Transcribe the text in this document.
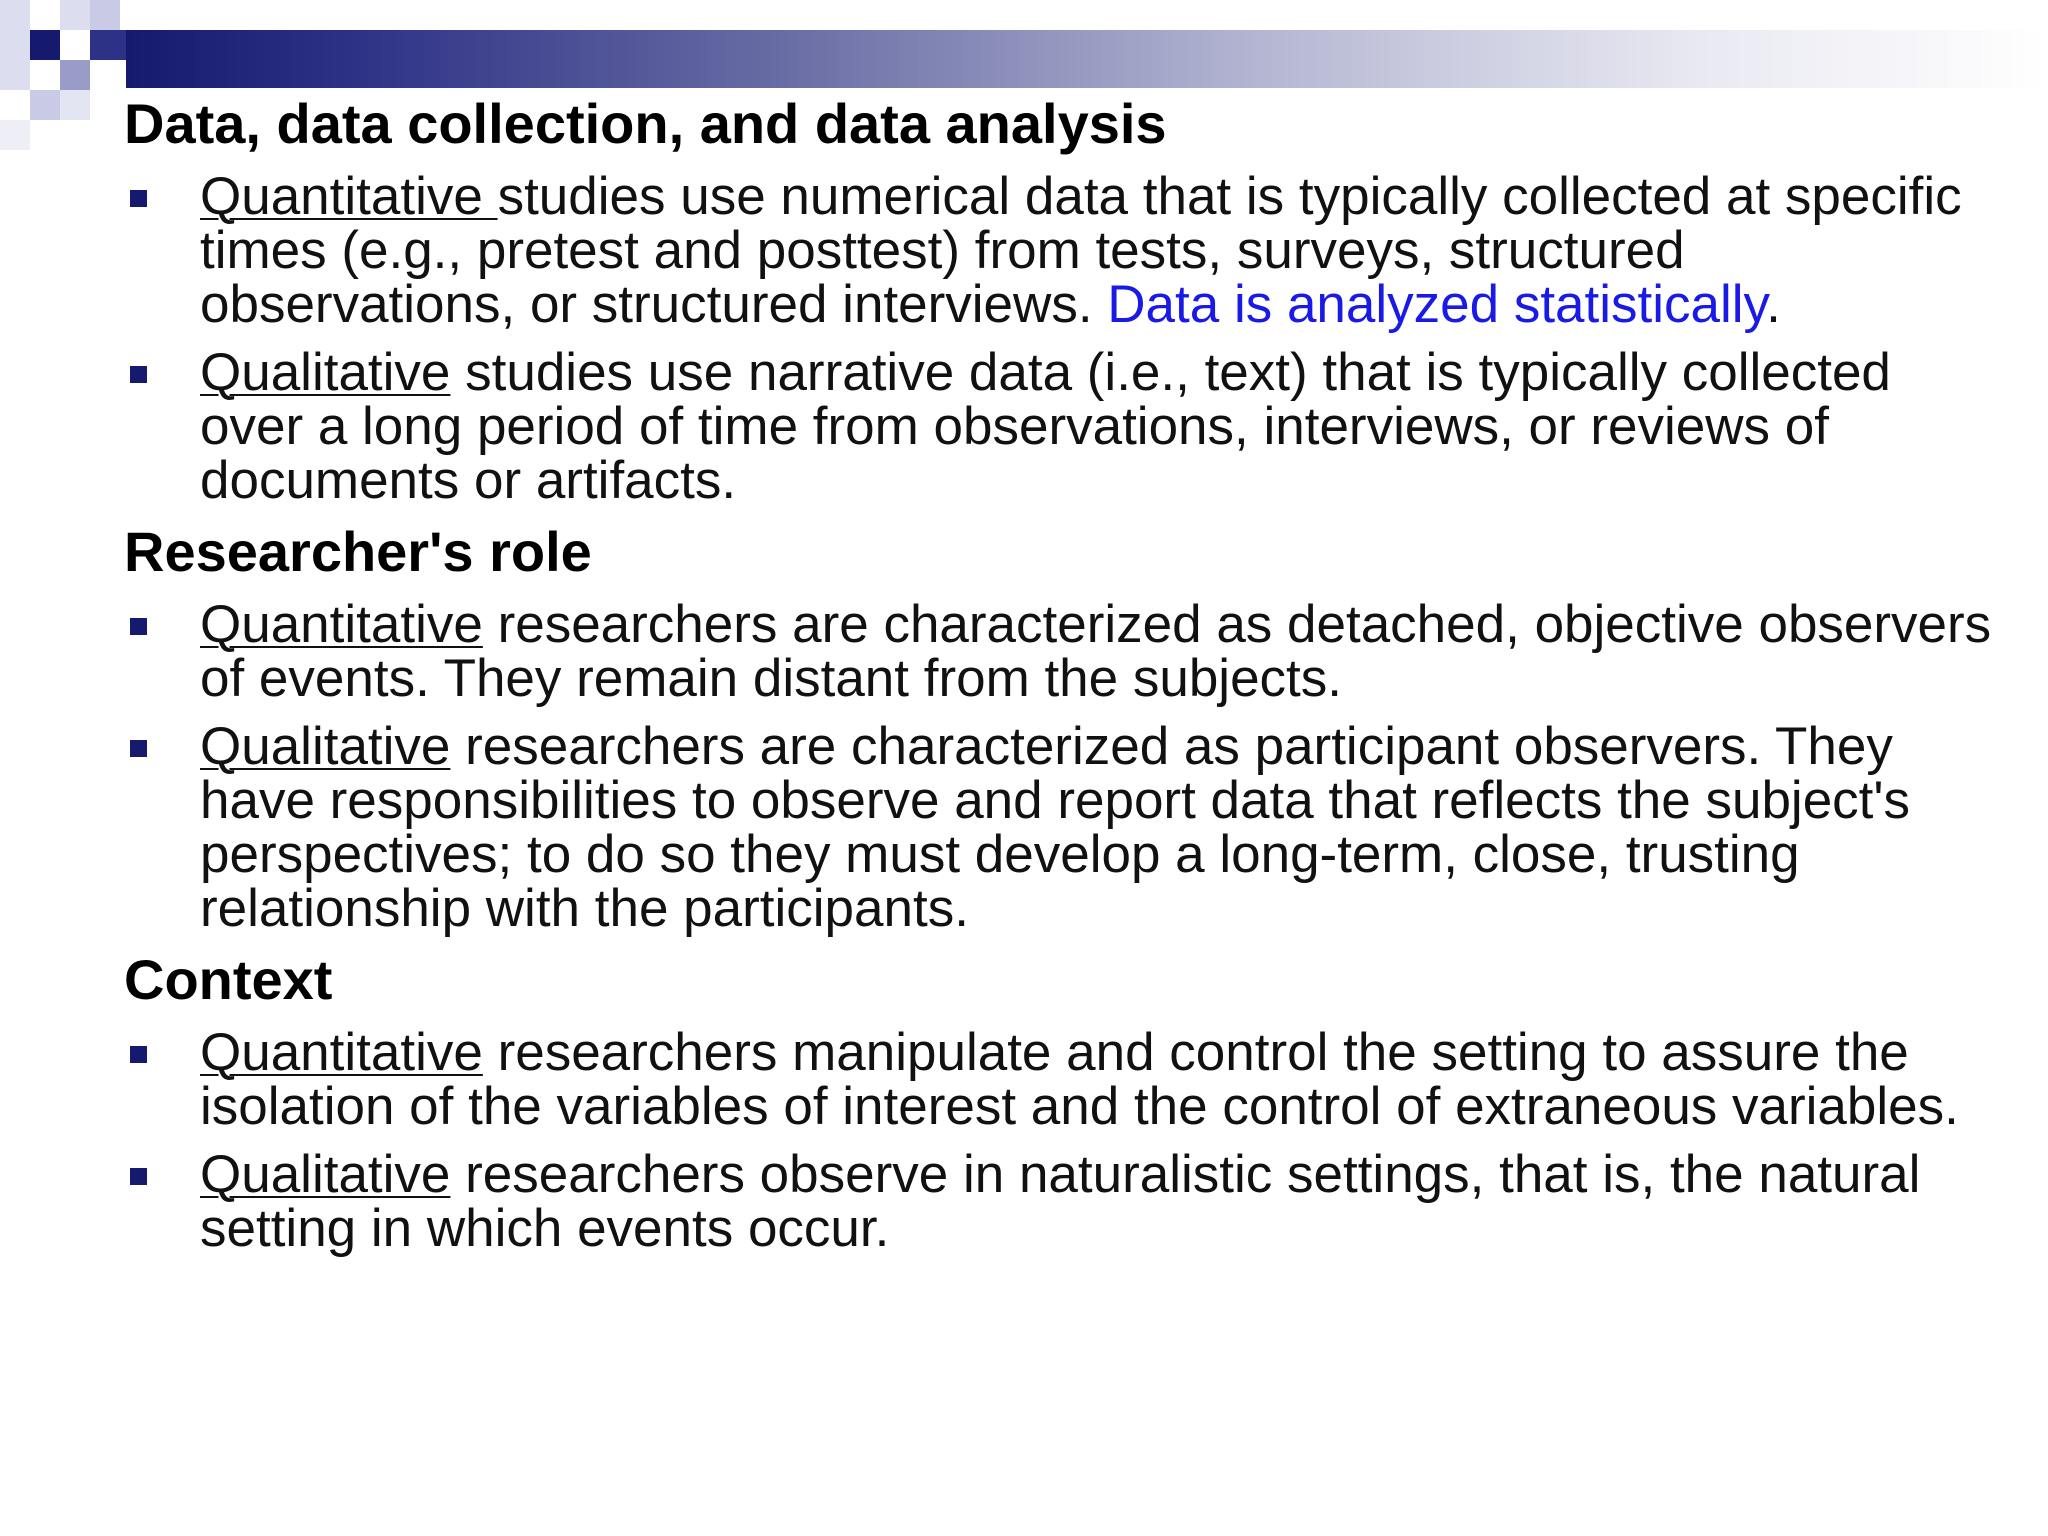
Data, data collection, and data analysis
Quantitative studies use numerical data that is typically collected at specific times (e.g., pretest and posttest) from tests, surveys, structured observations, or structured interviews. Data is analyzed statistically.
Qualitative studies use narrative data (i.e., text) that is typically collected over a long period of time from observations, interviews, or reviews of documents or artifacts.
Researcher's role
Quantitative researchers are characterized as detached, objective observers of events. They remain distant from the subjects.
Qualitative researchers are characterized as participant observers. They have responsibilities to observe and report data that reflects the subject's perspectives; to do so they must develop a long-term, close, trusting relationship with the participants.
Context
Quantitative researchers manipulate and control the setting to assure the isolation of the variables of interest and the control of extraneous variables.
Qualitative researchers observe in naturalistic settings, that is, the natural setting in which events occur.
